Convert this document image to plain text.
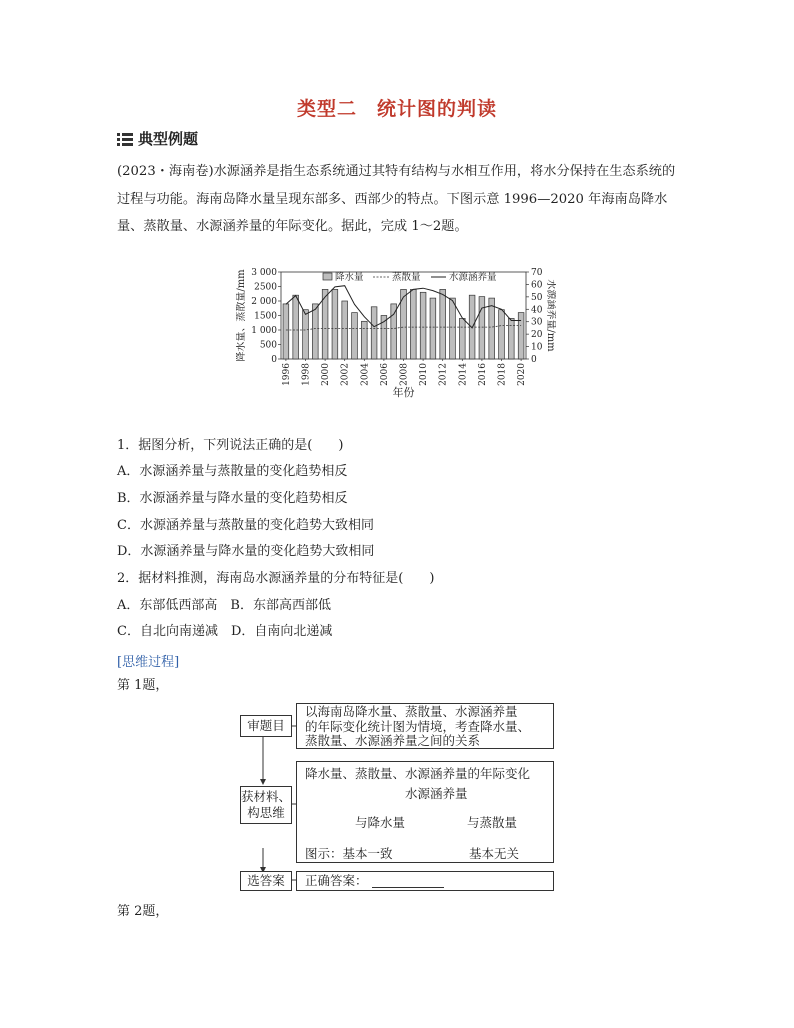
类型二　统计图的判读
典型例题
(2023・海南卷)水源涵养是指生态系统通过其特有结构与水相互作用，将水分保持在生态系统的过程与功能。海南岛降水量呈现东部多、西部少的特点。下图示意 1996—2020 年海南岛降水量、蒸散量、水源涵养量的年际变化。据此，完成 1～2题。
0
500
1 000
1500
2 000
2500
3 000
0
10
20
30
40
50
60
70
1996 1998 2000 2002 2004 2006 2008 2010 2012 2014 2016 2018 2020
年份
降水量、蒸散量/mm	水源涵养量/mm
降水量	蒸散量	水源涵养量
1．据图分析，下列说法正确的是(　　)
A．水源涵养量与蒸散量的变化趋势相反
B．水源涵养量与降水量的变化趋势相反
C．水源涵养量与蒸散量的变化趋势大致相同
D．水源涵养量与降水量的变化趋势大致相同
2．据材料推测，海南岛水源涵养量的分布特征是(　　)
A．东部低西部高　B．东部高西部低
C．自北向南递减　D．自南向北递减
[思维过程]
第 1题，
审题目
以海南岛降水量、蒸散量、水源涵养量
的年际变化统计图为情境，考查降水量、
蒸散量、水源涵养量之间的关系
获材料、
构思维
降水量、蒸散量、水源涵养量的年际变化
水源涵养量
与降水量	与蒸散量
图示：基本一致	基本无关
选答案	正确答案：
第 2题，
